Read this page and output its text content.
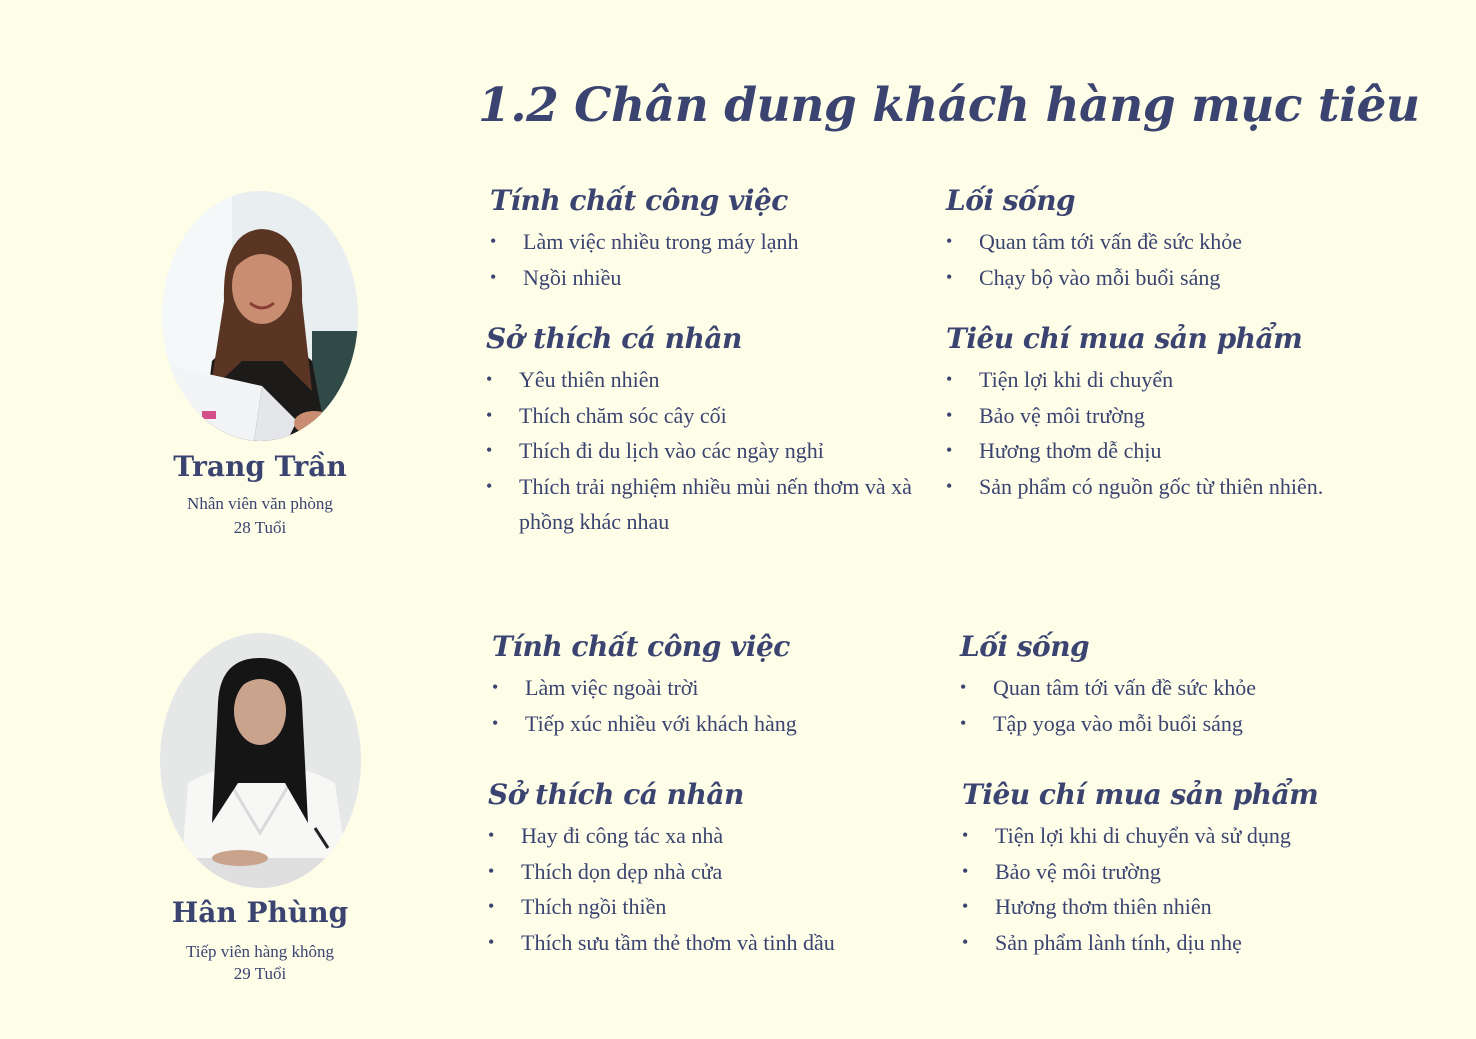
1.2 Chân dung khách hàng mục tiêu
Trang Trần
Nhân viên văn phòng
28 Tuổi
Tính chất công việc
• Làm việc nhiều trong máy lạnh
• Ngồi nhiều
Lối sống
• Quan tâm tới vấn đề sức khỏe
• Chạy bộ vào mỗi buổi sáng
Sở thích cá nhân
• Yêu thiên nhiên
• Thích chăm sóc cây cối
• Thích đi du lịch vào các ngày nghỉ
• Thích trải nghiệm nhiều mùi nến thơm và xà phồng khác nhau
Tiêu chí mua sản phẩm
• Tiện lợi khi di chuyển
• Bảo vệ môi trường
• Hương thơm dễ chịu
• Sản phẩm có nguồn gốc từ thiên nhiên.
Hân Phùng
Tiếp viên hàng không
29 Tuổi
Tính chất công việc
• Làm việc ngoài trời
• Tiếp xúc nhiều với khách hàng
Lối sống
• Quan tâm tới vấn đề sức khỏe
• Tập yoga vào mỗi buổi sáng
Sở thích cá nhân
• Hay đi công tác xa nhà
• Thích dọn dẹp nhà cửa
• Thích ngồi thiền
• Thích sưu tầm thẻ thơm và tinh dầu
Tiêu chí mua sản phẩm
• Tiện lợi khi di chuyển và sử dụng
• Bảo vệ môi trường
• Hương thơm thiên nhiên
• Sản phẩm lành tính, dịu nhẹ
